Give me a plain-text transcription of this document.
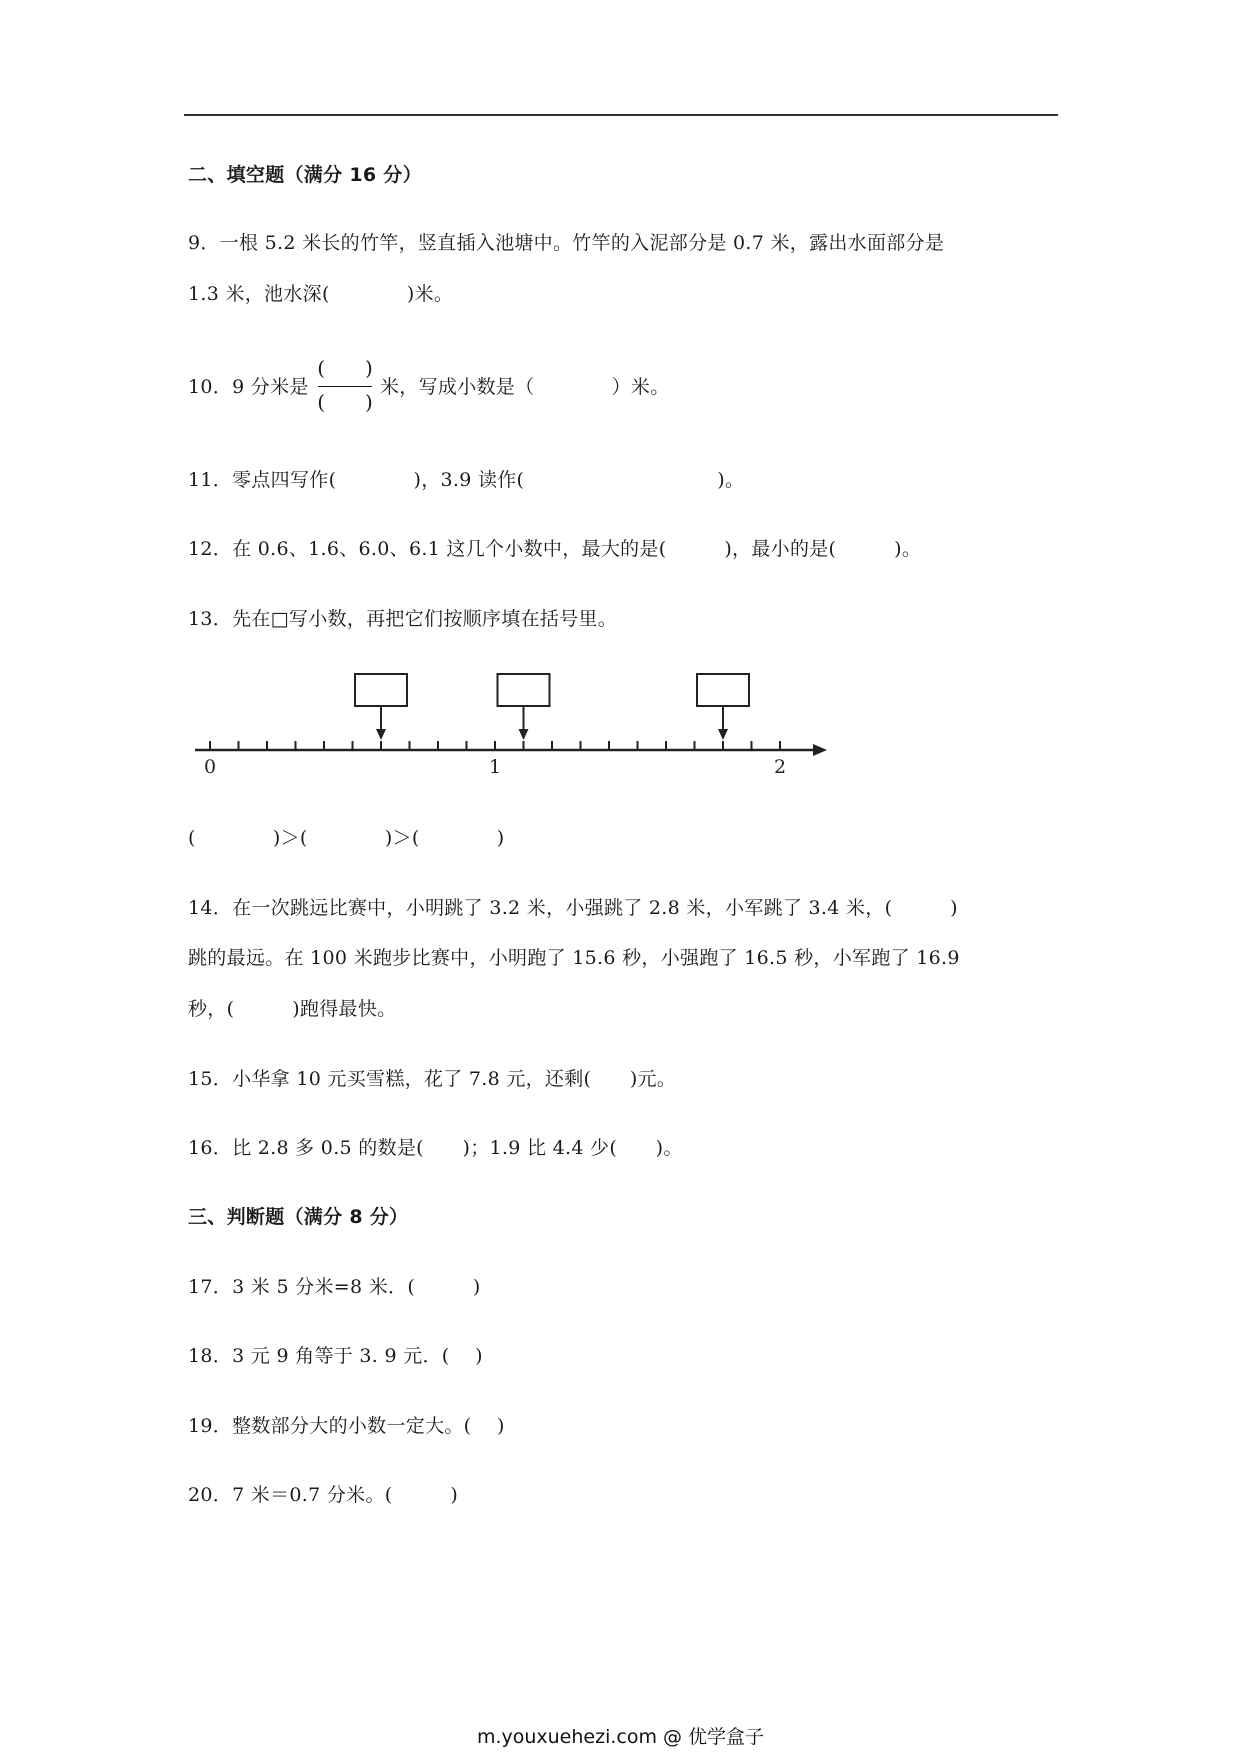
二、填空题（满分 16 分）
9．一根 5.2 米长的竹竿，竖直插入池塘中。竹竿的入泥部分是 0.7 米，露出水面部分是
1.3 米，池水深(　　　　)米。
10．9 分米是
(　　)
(　　)
米，写成小数是（　　　　）米。
11．零点四写作(　　　　)，3.9 读作(　　　　　　　　　　)。
12．在 0.6、1.6、6.0、6.1 这几个小数中，最大的是(　　　)，最小的是(　　　)。
13．先在□写小数，再把它们按顺序填在括号里。
0	1	2
(　　　　)＞(　　　　)＞(　　　　)
14．在一次跳远比赛中，小明跳了 3.2 米，小强跳了 2.8 米，小军跳了 3.4 米，(　　　)
跳的最远。在 100 米跑步比赛中，小明跑了 15.6 秒，小强跑了 16.5 秒，小军跑了 16.9
秒，(　　　)跑得最快。
15．小华拿 10 元买雪糕，花了 7.8 元，还剩(　　)元。
16．比 2.8 多 0.5 的数是(　　)；1.9 比 4.4 少(　　)。
三、判断题（满分 8 分）
17．3 米 5 分米=8 米．(　　　)
18．3 元 9 角等于 3. 9 元．(　 )
19．整数部分大的小数一定大。(　 )
20．7 米＝0.7 分米。(　　　)
m.youxuehezi.com @ 优学盒子
